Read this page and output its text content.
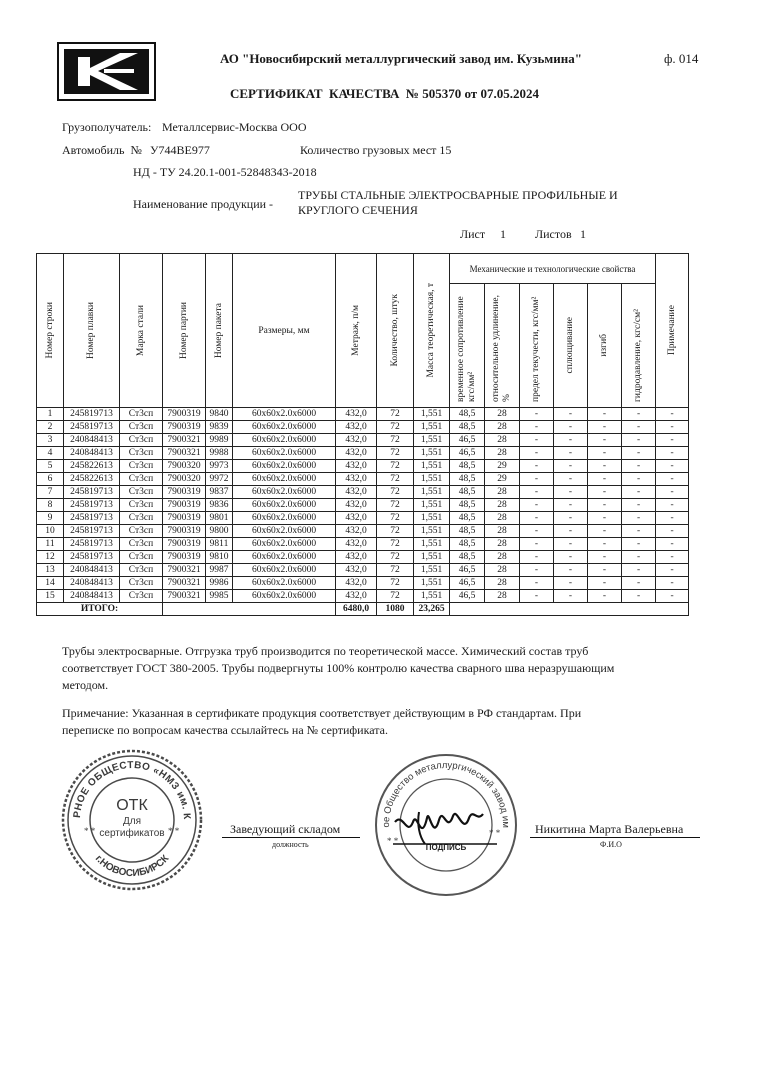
АО "Новосибирский металлургический завод им. Кузьмина"	ф. 014
СЕРТИФИКАТ  КАЧЕСТВА  № 505370 от 07.05.2024
Грузополучатель: Металлсервис-Москва ООО
Автомобиль  № У744ВЕ977	Количество грузовых мест 15
НД - ТУ 24.20.1-001-52848343-2018
Наименование продукции -
ТРУБЫ СТАЛЬНЫЕ ЭЛЕКТРОСВАРНЫЕ ПРОФИЛЬНЫЕ И
КРУГЛОГО СЕЧЕНИЯ
Лист 1 Листов 1
Номер строки	Номер плавки	Марка стали	Номер партии	Номер пакета	Размеры, мм	Метраж, п/м	Количество, штук	Масса теоретическая, т	Механические и технологические свойства						Примечание

									временное сопротивление кгс/мм²	относительное удлинение, %	предел текучести, кгс/мм²	сплющивание	изгиб	гидродавление, кгс/см²	

1	245819713	Ст3сп	7900319	9840	60х60х2.0х6000	432,0	72	1,551	48,5	28	-	-	-	-	-
2	245819713	Ст3сп	7900319	9839	60х60х2.0х6000	432,0	72	1,551	48,5	28	-	-	-	-	-
3	240848413	Ст3сп	7900321	9989	60х60х2.0х6000	432,0	72	1,551	46,5	28	-	-	-	-	-
4	240848413	Ст3сп	7900321	9988	60х60х2.0х6000	432,0	72	1,551	46,5	28	-	-	-	-	-
5	245822613	Ст3сп	7900320	9973	60х60х2.0х6000	432,0	72	1,551	48,5	29	-	-	-	-	-
6	245822613	Ст3сп	7900320	9972	60х60х2.0х6000	432,0	72	1,551	48,5	29	-	-	-	-	-
7	245819713	Ст3сп	7900319	9837	60х60х2.0х6000	432,0	72	1,551	48,5	28	-	-	-	-	-
8	245819713	Ст3сп	7900319	9836	60х60х2.0х6000	432,0	72	1,551	48,5	28	-	-	-	-	-
9	245819713	Ст3сп	7900319	9801	60х60х2.0х6000	432,0	72	1,551	48,5	28	-	-	-	-	-
10	245819713	Ст3сп	7900319	9800	60х60х2.0х6000	432,0	72	1,551	48,5	28	-	-	-	-	-
11	245819713	Ст3сп	7900319	9811	60х60х2.0х6000	432,0	72	1,551	48,5	28	-	-	-	-	-
12	245819713	Ст3сп	7900319	9810	60х60х2.0х6000	432,0	72	1,551	48,5	28	-	-	-	-	-
13	240848413	Ст3сп	7900321	9987	60х60х2.0х6000	432,0	72	1,551	46,5	28	-	-	-	-	-
14	240848413	Ст3сп	7900321	9986	60х60х2.0х6000	432,0	72	1,551	46,5	28	-	-	-	-	-
15	240848413	Ст3сп	7900321	9985	60х60х2.0х6000	432,0	72	1,551	46,5	28	-	-	-	-	-
ИТОГО:						6480,0	1080	23,265							
Трубы электросварные. Отгрузка труб производится по теоретической массе. Химический состав труб
соответствует ГОСТ 380-2005. Трубы подвергнуты 100% контролю качества сварного шва неразрушающим
методом.
Примечание: Указанная в сертификате продукция соответствует действующим в РФ стандартам. При
переписке по вопросам качества ссылайтесь на № сертификата.
РНОЕ ОБЩЕСТВО «НМЗ им. К
г.НОВОСИБИРСК
ОТК
Для
сертификатов
* *	* *	Заведующий складом
должность
ое Общество металлургический завод им
ПОДПИСЬ
* *
* *	Никитина Марта Валерьевна
Ф.И.О
